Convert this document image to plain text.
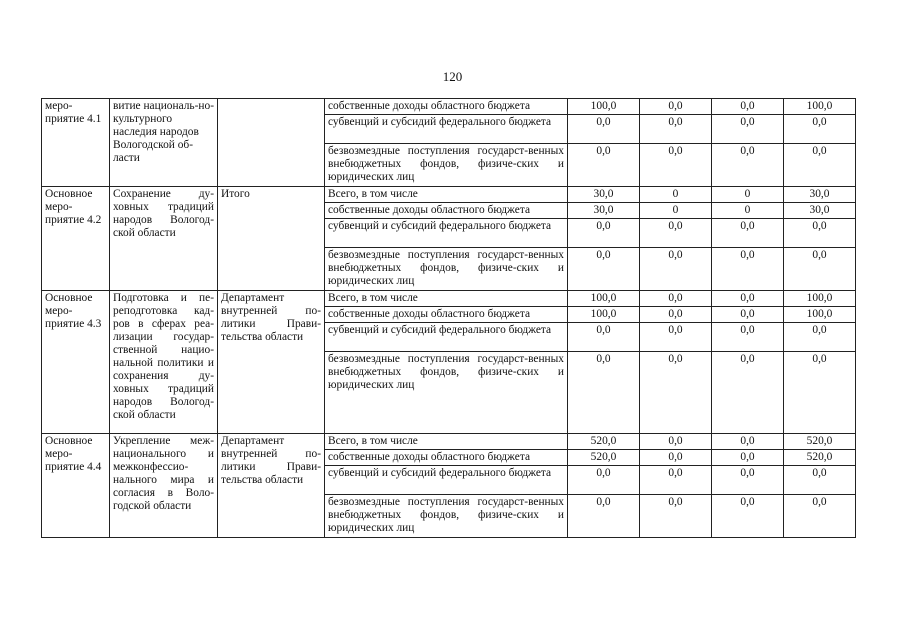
120
меро-приятие 4.1	витие националь-но-культурного наследия народов Вологодской об-ласти		собственные доходы областного бюджета	100,0	0,0	0,0	100,0
			субвенций и субсидий федерального бюджета	0,0	0,0	0,0	0,0
			безвозмездные поступления государст-венных внебюджетных фондов, физиче-ских и юридических лиц	0,0	0,0	0,0	0,0
Основное меро-приятие 4.2	Сохранение ду-ховных традиций народов Вологод-ской области	Итого	Всего, в том числе	30,0	0	0	30,0
			собственные доходы областного бюджета	30,0	0	0	30,0
			субвенций и субсидий федерального бюджета	0,0	0,0	0,0	0,0
			безвозмездные поступления государст-венных внебюджетных фондов, физиче-ских и юридических лиц	0,0	0,0	0,0	0,0
Основное меро-приятие 4.3	Подготовка и пе-реподготовка кад-ров в сферах реа-лизации государ-ственной нацио-нальной политики и сохранения ду-ховных традиций народов Вологод-ской области	Департамент внутренней по-литики Прави-тельства области	Всего, в том числе	100,0	0,0	0,0	100,0
			собственные доходы областного бюджета	100,0	0,0	0,0	100,0
			субвенций и субсидий федерального бюджета	0,0	0,0	0,0	0,0
			безвозмездные поступления государст-венных внебюджетных фондов, физиче-ских и юридических лиц	0,0	0,0	0,0	0,0
Основное меро-приятие 4.4	Укрепление меж-национального и межконфессио-нального мира и согласия в Воло-годской области	Департамент внутренней по-литики Прави-тельства области	Всего, в том числе	520,0	0,0	0,0	520,0
			собственные доходы областного бюджета	520,0	0,0	0,0	520,0
			субвенций и субсидий федерального бюджета	0,0	0,0	0,0	0,0
			безвозмездные поступления государст-венных внебюджетных фондов, физиче-ских и юридических лиц	0,0	0,0	0,0	0,0
